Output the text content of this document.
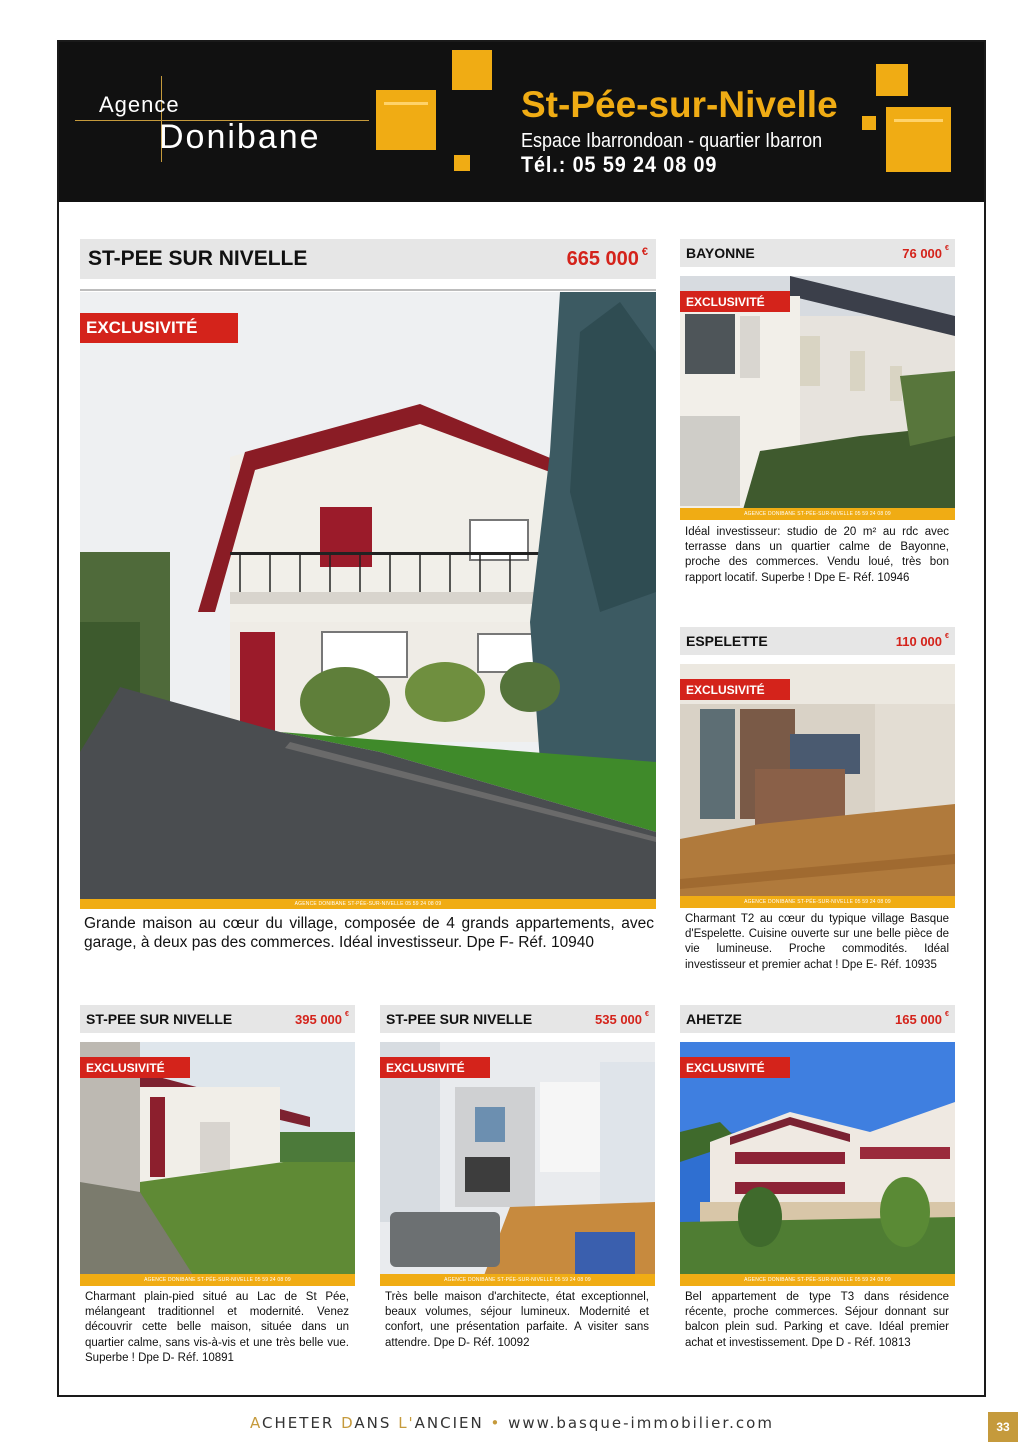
Agence
Donibane
St-Pée-sur-Nivelle
Espace Ibarrondoan - quartier Ibarron
Tél.: 05 59 24 08 09
ST-PEE SUR NIVELLE	665 000 €
EXCLUSIVITÉ
AGENCE DONIBANE ST-PÉE-SUR-NIVELLE 05 59 24 08 09
Grande maison au cœur du village, composée de 4 grands appartements, avec garage, à deux pas des commerces. Idéal investisseur. Dpe F- Réf. 10940
BAYONNE	76 000 €
EXCLUSIVITÉ
AGENCE DONIBANE ST-PÉE-SUR-NIVELLE 05 59 24 08 09
Idéal investisseur: studio de 20 m² au rdc avec terrasse dans un quartier calme de Bayonne, proche des commerces. Vendu loué, très bon rapport locatif. Superbe ! Dpe E- Réf. 10946
ESPELETTE	110 000 €
EXCLUSIVITÉ
AGENCE DONIBANE ST-PÉE-SUR-NIVELLE 05 59 24 08 09
Charmant T2 au cœur du typique village Basque d'Espelette. Cuisine ouverte sur une belle pièce de vie lumineuse. Proche commodités. Idéal investisseur et premier achat ! Dpe E- Réf. 10935
ST-PEE SUR NIVELLE	395 000 €
EXCLUSIVITÉ
AGENCE DONIBANE ST-PÉE-SUR-NIVELLE 05 59 24 08 09
Charmant plain-pied situé au Lac de St Pée, mélangeant traditionnel et modernité. Venez découvrir cette belle maison, située dans un quartier calme, sans vis-à-vis et une très belle vue. Superbe ! Dpe D- Réf. 10891
ST-PEE SUR NIVELLE	535 000 €
EXCLUSIVITÉ
AGENCE DONIBANE ST-PÉE-SUR-NIVELLE 05 59 24 08 09
Très belle maison d'architecte, état exceptionnel, beaux volumes, séjour lumineux. Modernité et confort, une présentation parfaite. A visiter sans attendre. Dpe D- Réf. 10092
AHETZE	165 000 €
EXCLUSIVITÉ
AGENCE DONIBANE ST-PÉE-SUR-NIVELLE 05 59 24 08 09
Bel appartement de type T3 dans résidence récente, proche commerces. Séjour donnant sur balcon plein sud. Parking et cave. Idéal premier achat et investissement. Dpe D - Réf. 10813
ACHETER DANS L'ANCIEN • www.basque-immobilier.com	33
